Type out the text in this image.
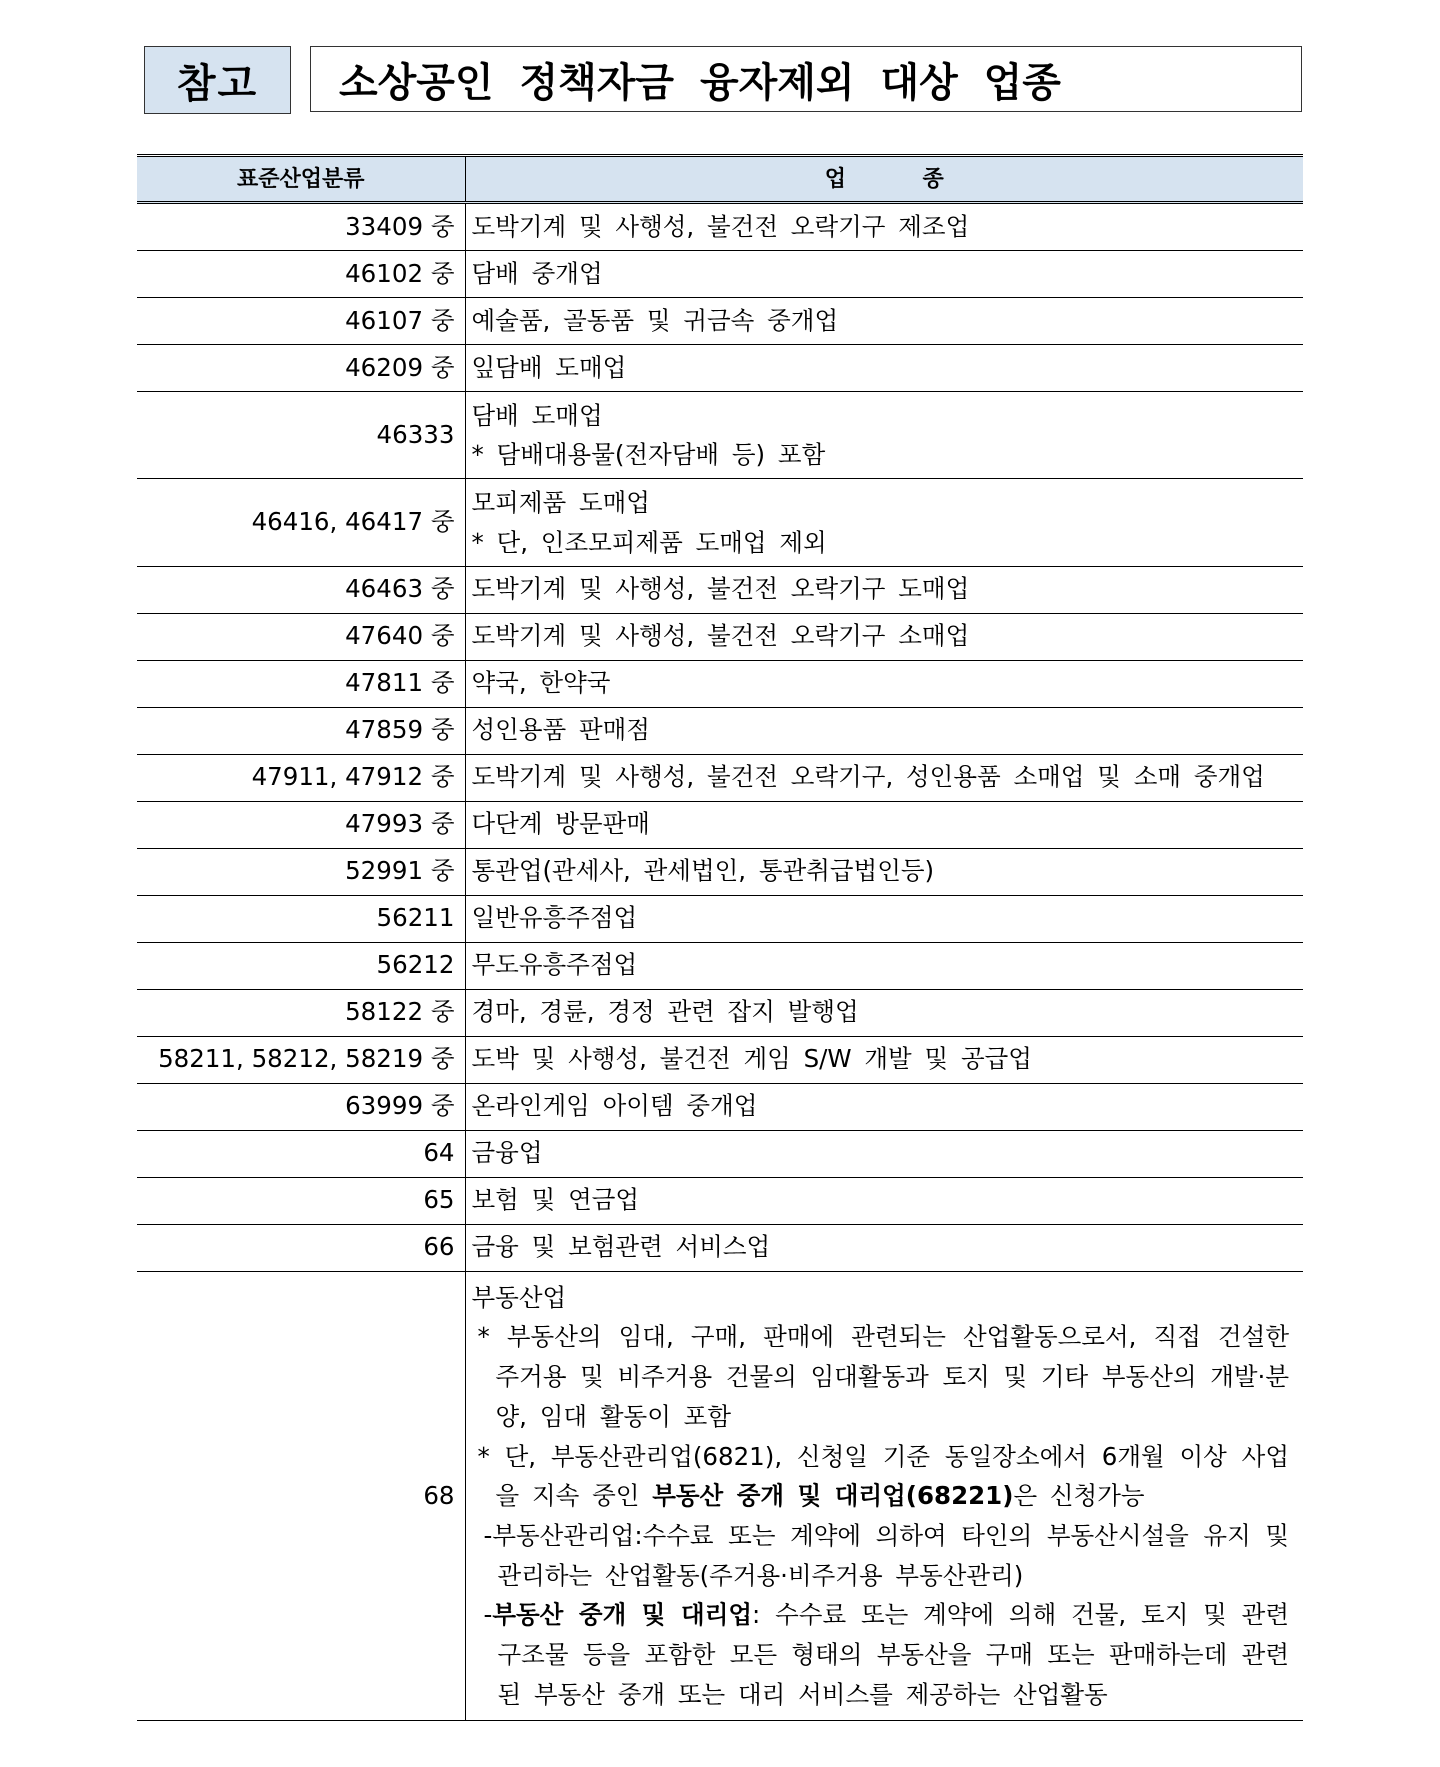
참고	소상공인 정책자금 융자제외 대상 업종
표준산업분류	업          종
33409 중	도박기계 및 사행성, 불건전 오락기구 제조업

46102 중	담배 중개업

46107 중	예술품, 골동품 및 귀금속 중개업

46209 중	잎담배 도매업

46333	담배 도매업
* 담배대용물(전자담배 등) 포함

46416, 46417 중	모피제품 도매업
* 단, 인조모피제품 도매업 제외

46463 중	도박기계 및 사행성, 불건전 오락기구 도매업

47640 중	도박기계 및 사행성, 불건전 오락기구 소매업

47811 중	약국, 한약국

47859 중	성인용품 판매점

47911, 47912 중	도박기계 및 사행성, 불건전 오락기구, 성인용품 소매업 및 소매 중개업

47993 중	다단계 방문판매

52991 중	통관업(관세사, 관세법인, 통관취급법인등)

56211	일반유흥주점업

56212	무도유흥주점업

58122 중	경마, 경륜, 경정 관련 잡지 발행업

58211, 58212, 58219 중	도박 및 사행성, 불건전 게임 S/W 개발 및 공급업

63999 중	온라인게임 아이템 중개업

64	금융업

65	보험 및 연금업

66	금융 및 보험관련 서비스업

68	부동산업
* 부동산의 임대, 구매, 판매에 관련되는 산업활동으로서, 직접 건설한 주거용 및 비주거용 건물의 임대활동과 토지 및 기타 부동산의 개발·분양, 임대 활동이 포함
* 단, 부동산관리업(6821), 신청일 기준 동일장소에서 6개월 이상 사업을 지속 중인 부동산 중개 및 대리업(68221)은 신청가능
-부동산관리업:수수료 또는 계약에 의하여 타인의 부동산시설을 유지 및 관리하는 산업활동(주거용·비주거용 부동산관리)
-부동산 중개 및 대리업: 수수료 또는 계약에 의해 건물, 토지 및 관련 구조물 등을 포함한 모든 형태의 부동산을 구매 또는 판매하는데 관련된 부동산 중개 또는 대리 서비스를 제공하는 산업활동
